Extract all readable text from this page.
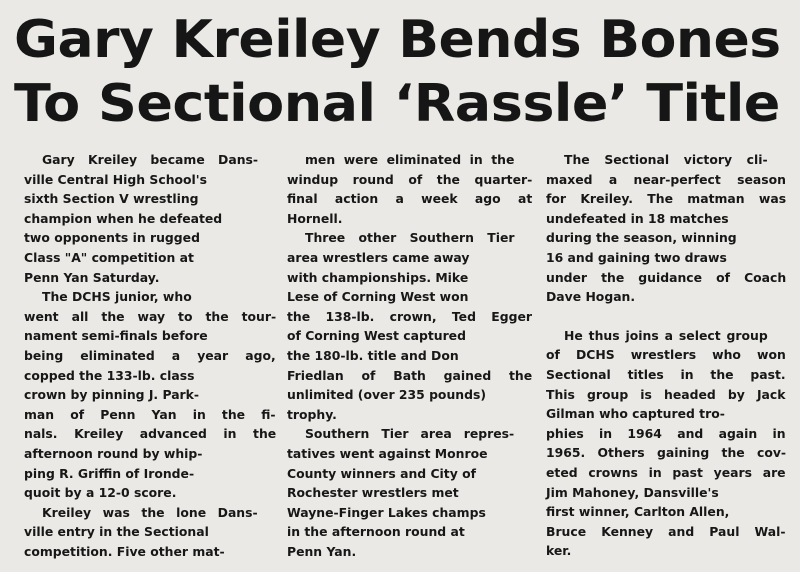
Gary Kreiley Bends Bones
To Sectional ‘Rassle’ Title

Gary Kreiley became Dans-
ville Central High School's
sixth Section V wrestling
champion when he defeated
two opponents in rugged
Class "A" competition at
Penn Yan Saturday.

The DCHS junior, who
went all the way to the tour-
nament semi-finals before
being eliminated a year ago,
copped the 133-lb. class
crown by pinning J. Park-
man of Penn Yan in the fi-
nals. Kreiley advanced in the
afternoon round by whip-
ping R. Griffin of Ironde-
quoit by a 12-0 score.

Kreiley was the lone Dans-
ville entry in the Sectional
competition. Five other mat-

men were eliminated in the
windup round of the quarter-
final action a week ago at
Hornell.

Three other Southern Tier
area wrestlers came away
with championships. Mike
Lese of Corning West won
the 138-lb. crown, Ted Egger
of Corning West captured
the 180-lb. title and Don
Friedlan of Bath gained the
unlimited (over 235 pounds)
trophy.

Southern Tier area repres-
tatives went against Monroe
County winners and City of
Rochester wrestlers met
Wayne-Finger Lakes champs
in the afternoon round at
Penn Yan.

The Sectional victory cli-
maxed a near-perfect season
for Kreiley. The matman was
undefeated in 18 matches
during the season, winning
16 and gaining two draws
under the guidance of Coach
Dave Hogan.

He thus joins a select group
of DCHS wrestlers who won
Sectional titles in the past.
This group is headed by Jack
Gilman who captured tro-
phies in 1964 and again in
1965. Others gaining the cov-
eted crowns in past years are
Jim Mahoney, Dansville's
first winner, Carlton Allen,
Bruce Kenney and Paul Wal-
ker.
